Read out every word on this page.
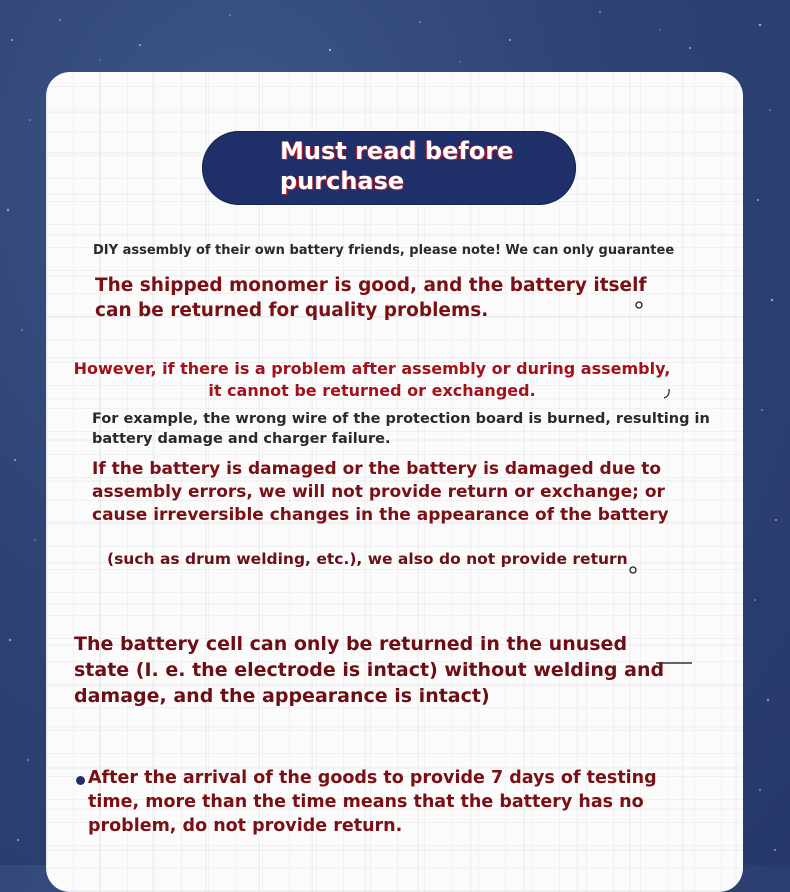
Must read before purchase

DIY assembly of their own battery friends, please note! We can only guarantee

The shipped monomer is good, and the battery itself can be returned for quality problems.

However, if there is a problem after assembly or during assembly, it cannot be returned or exchanged.

For example, the wrong wire of the protection board is burned, resulting in battery damage and charger failure.

If the battery is damaged or the battery is damaged due to assembly errors, we will not provide return or exchange; or cause irreversible changes in the appearance of the battery

(such as drum welding, etc.), we also do not provide return

The battery cell can only be returned in the unused state (I. e. the electrode is intact) without welding and damage, and the appearance is intact)

After the arrival of the goods to provide 7 days of testing time, more than the time means that the battery has no problem, do not provide return.
